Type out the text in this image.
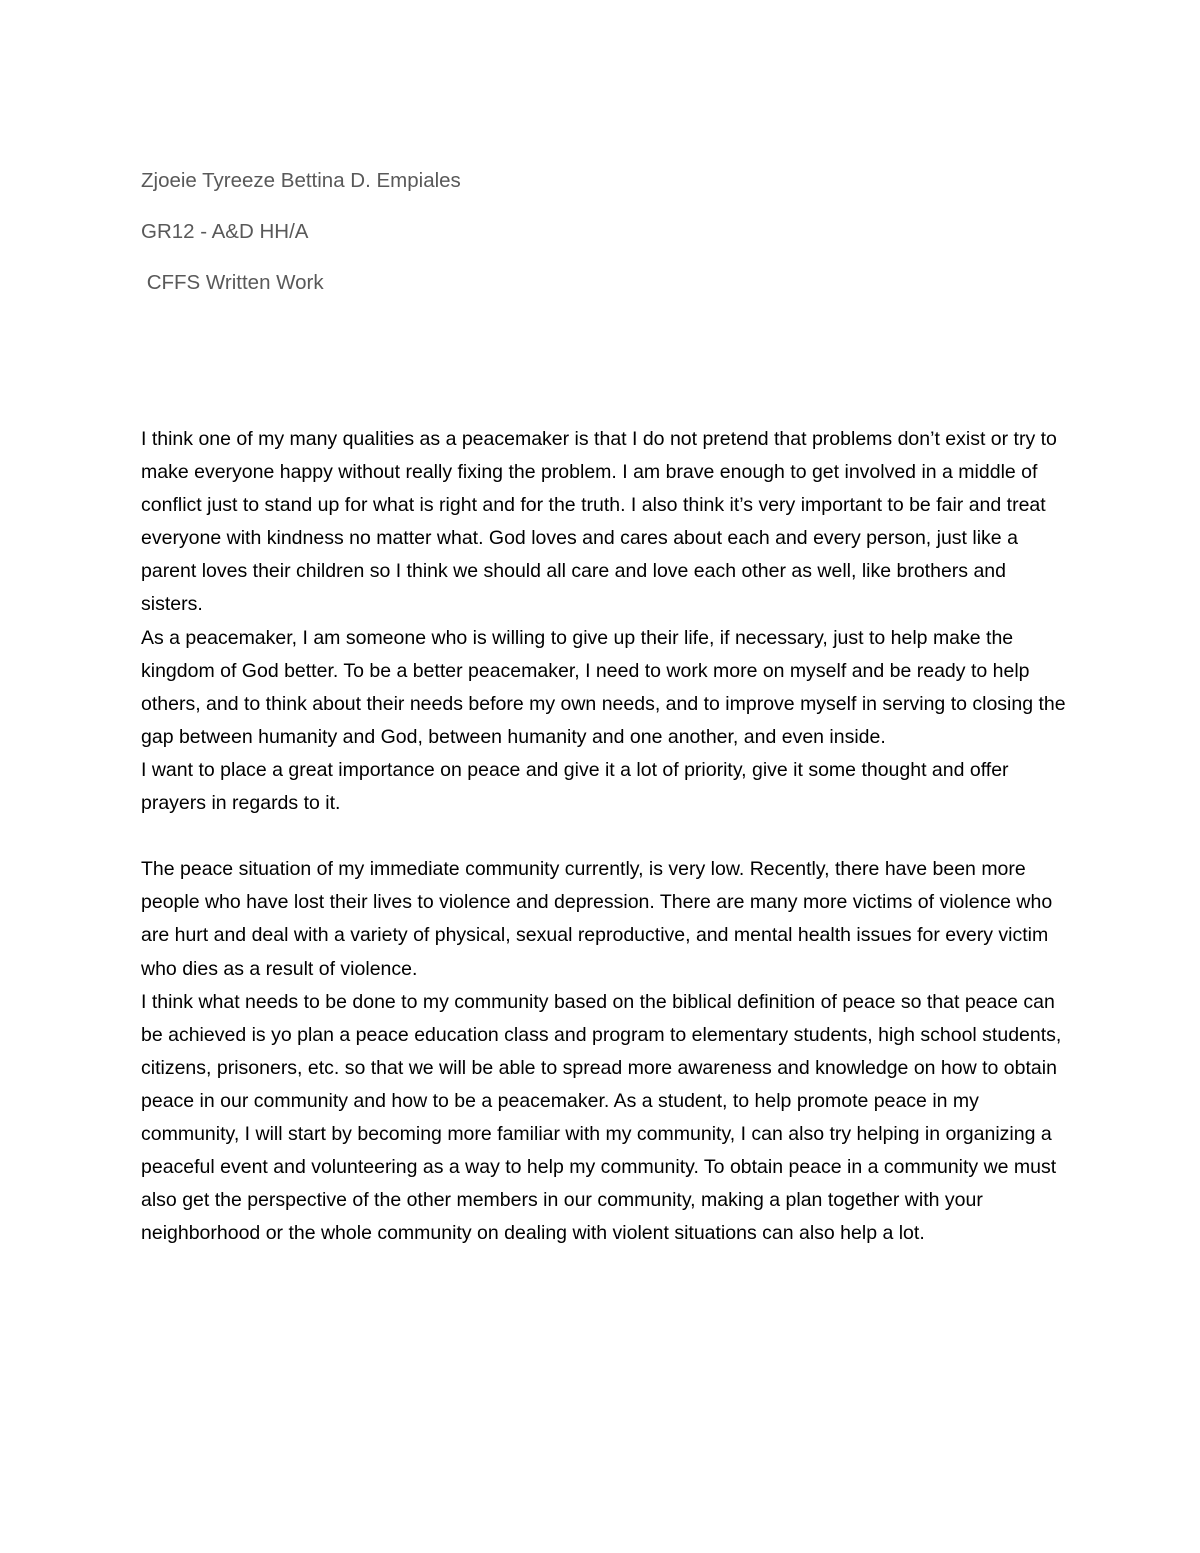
Zjoeie Tyreeze Bettina D. Empiales
GR12 - A&D HH/A
CFFS Written Work

I think one of my many qualities as a peacemaker is that I do not pretend that problems don’t exist or try to make everyone happy without really fixing the problem. I am brave enough to get involved in a middle of conflict just to stand up for what is right and for the truth. I also think it’s very important to be fair and treat everyone with kindness no matter what. God loves and cares about each and every person, just like a parent loves their children so I think we should all care and love each other as well, like brothers and sisters.

As a peacemaker, I am someone who is willing to give up their life, if necessary, just to help make the kingdom of God better. To be a better peacemaker, I need to work more on myself and be ready to help others, and to think about their needs before my own needs, and to improve myself in serving to closing the gap between humanity and God, between humanity and one another, and even inside.

I want to place a great importance on peace and give it a lot of priority, give it some thought and offer prayers in regards to it.

The peace situation of my immediate community currently, is very low. Recently, there have been more people who have lost their lives to violence and depression. There are many more victims of violence who are hurt and deal with a variety of physical, sexual reproductive, and mental health issues for every victim who dies as a result of violence.

I think what needs to be done to my community based on the biblical definition of peace so that peace can be achieved is yo plan a peace education class and program to elementary students, high school students, citizens, prisoners, etc. so that we will be able to spread more awareness and knowledge on how to obtain peace in our community and how to be a peacemaker. As a student, to help promote peace in my community, I will start by becoming more familiar with my community, I can also try helping in organizing a peaceful event and volunteering as a way to help my community. To obtain peace in a community we must also get the perspective of the other members in our community, making a plan together with your neighborhood or the whole community on dealing with violent situations can also help a lot.
